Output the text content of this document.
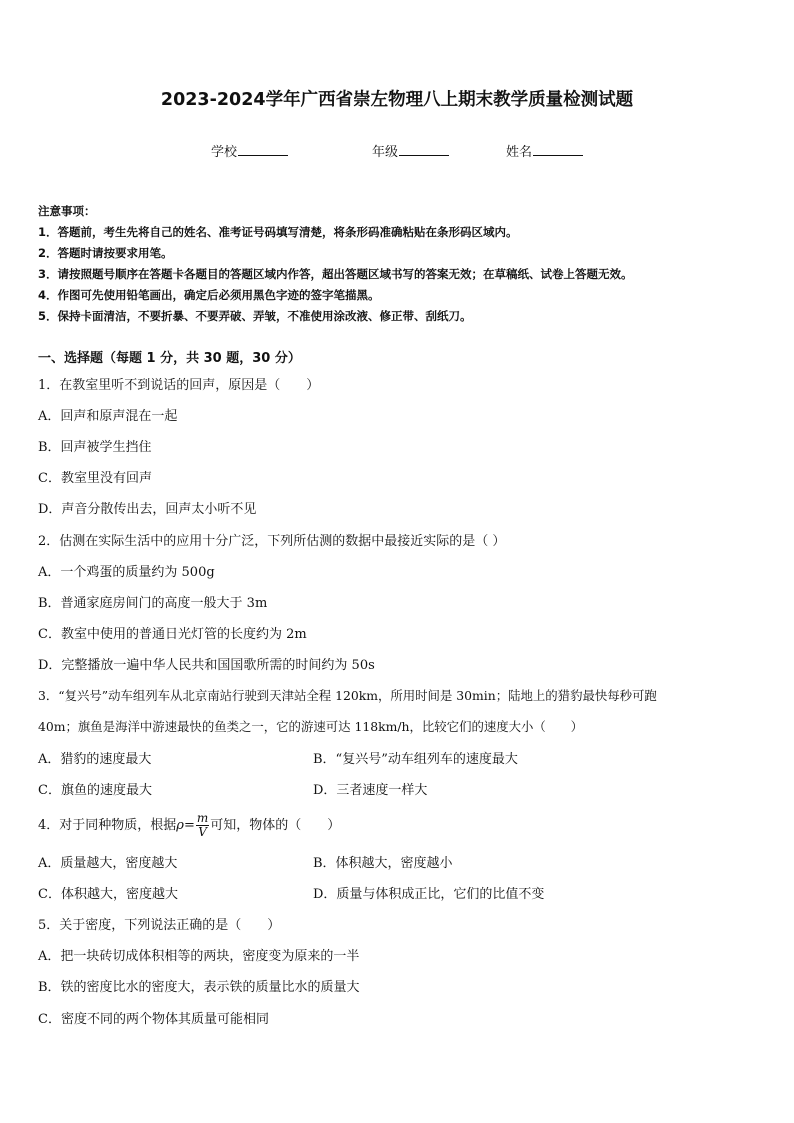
2023-2024学年广西省崇左物理八上期末教学质量检测试题
学校	年级	姓名
注意事项：
1．答题前，考生先将自己的姓名、准考证号码填写清楚，将条形码准确粘贴在条形码区域内。
2．答题时请按要求用笔。
3．请按照题号顺序在答题卡各题目的答题区域内作答，超出答题区域书写的答案无效；在草稿纸、试卷上答题无效。
4．作图可先使用铅笔画出，确定后必须用黑色字迹的签字笔描黑。
5．保持卡面清洁，不要折暴、不要弄破、弄皱，不准使用涂改液、修正带、刮纸刀。
一、选择题（每题 1 分，共 30 题，30 分）
1．在教室里听不到说话的回声，原因是（　　）
A．回声和原声混在一起
B．回声被学生挡住
C．教室里没有回声
D．声音分散传出去，回声太小听不见
2．估测在实际生活中的应用十分广泛，下列所估测的数据中最接近实际的是（ ）
A．一个鸡蛋的质量约为 500g
B．普通家庭房间门的高度一般大于 3m
C．教室中使用的普通日光灯管的长度约为 2m
D．完整播放一遍中华人民共和国国歌所需的时间约为 50s
3．“复兴号”动车组列车从北京南站行驶到天津站全程 120km，所用时间是 30min；陆地上的猎豹最快每秒可跑
40m；旗鱼是海洋中游速最快的鱼类之一，它的游速可达 118km/h，比较它们的速度大小（　　）
A．猎豹的速度最大	B．“复兴号”动车组列车的速度最大
C．旗鱼的速度最大	D．三者速度一样大
4．对于同种物质，根据$\rho= \frac{m}{V}$ 可知，物体的（　　）
A．质量越大，密度越大	B．体积越大，密度越小
C．体积越大，密度越大	D．质量与体积成正比，它们的比值不变
5．关于密度，下列说法正确的是（　　）
A．把一块砖切成体积相等的两块，密度变为原来的一半
B．铁的密度比水的密度大，表示铁的质量比水的质量大
C．密度不同的两个物体其质量可能相同
